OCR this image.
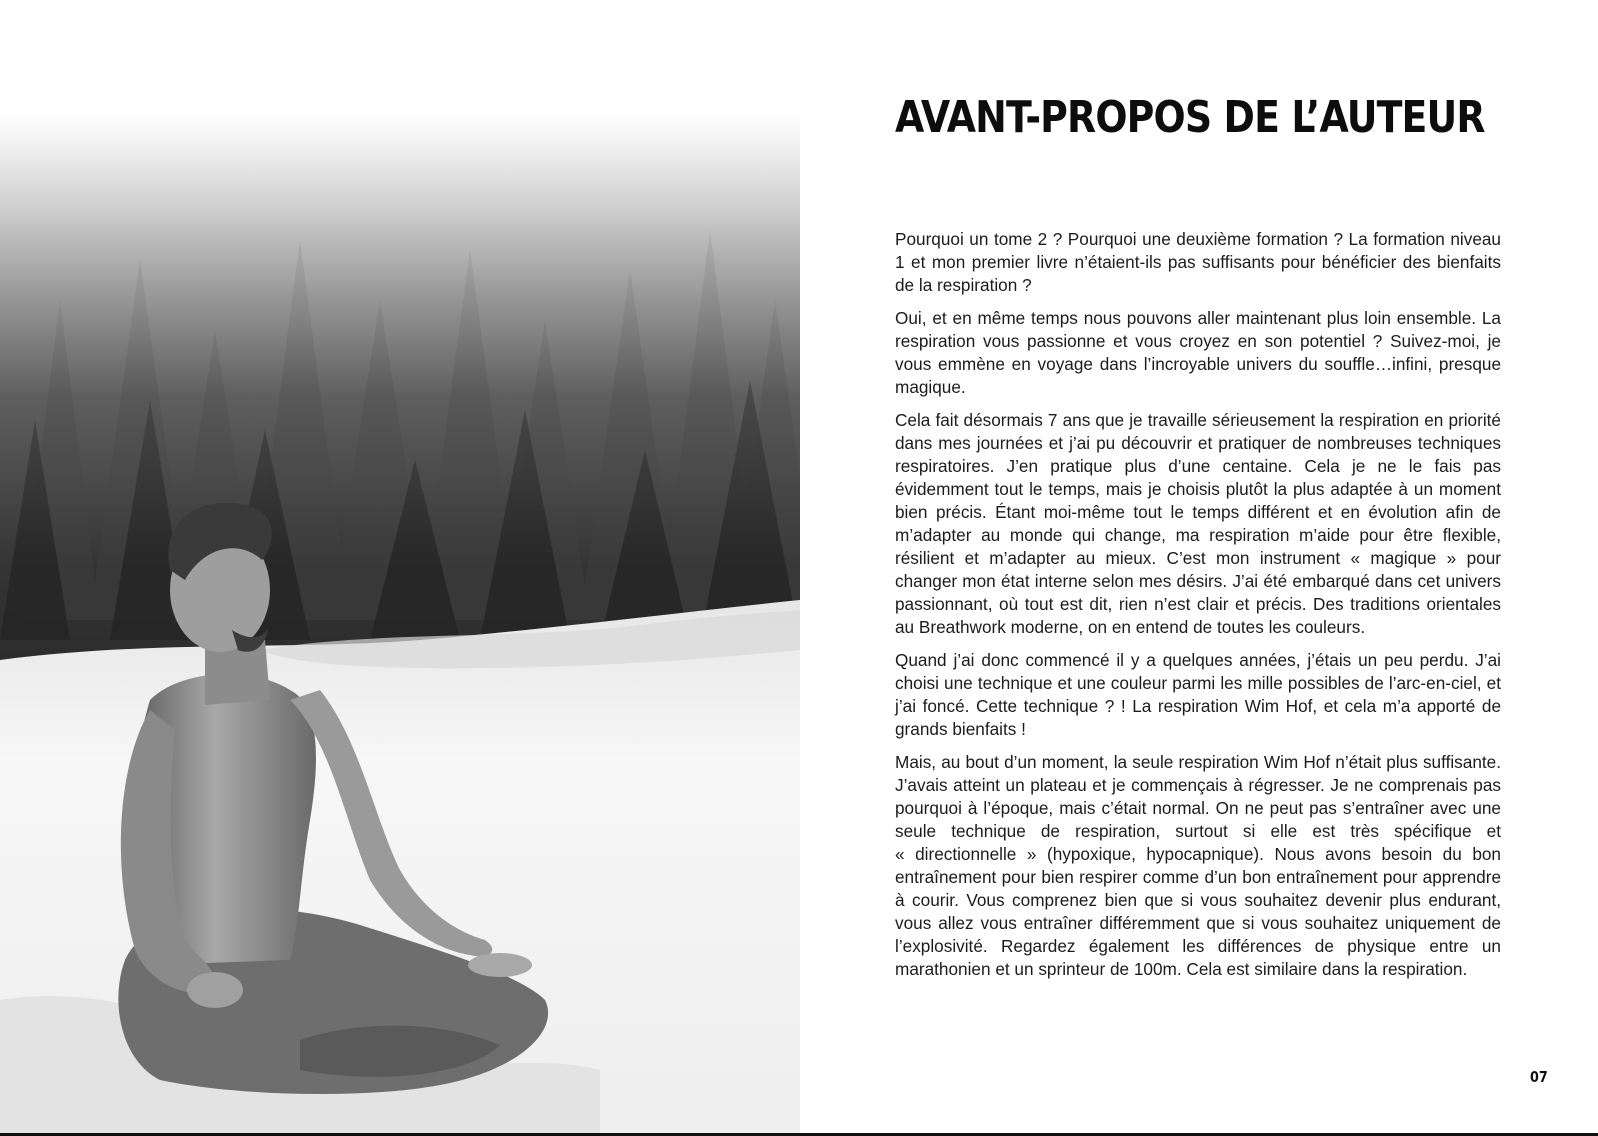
AVANT-PROPOS DE L’AUTEUR

Pourquoi un tome 2 ? Pourquoi une deuxième formation ? La formation niveau 1 et mon premier livre n’étaient-ils pas suffisants pour bénéficier des bienfaits de la respiration ?

Oui, et en même temps nous pouvons aller maintenant plus loin ensemble. La respiration vous passionne et vous croyez en son potentiel ? Suivez-moi, je vous emmène en voyage dans l’incroyable univers du souffle…infini, presque magique.

Cela fait désormais 7 ans que je travaille sérieusement la respiration en priorité dans mes journées et j’ai pu découvrir et pratiquer de nombreuses techniques respiratoires. J’en pratique plus d’une centaine. Cela je ne le fais pas évidemment tout le temps, mais je choisis plutôt la plus adaptée à un moment bien précis. Étant moi-même tout le temps différent et en évolution afin de m’adapter au monde qui change, ma respiration m’aide pour être flexible, résilient et m’adapter au mieux. C’est mon instrument « magique » pour changer mon état interne selon mes désirs. J’ai été embarqué dans cet univers passionnant, où tout est dit, rien n’est clair et précis. Des traditions orientales au Breathwork moderne, on en entend de toutes les couleurs.

Quand j’ai donc commencé il y a quelques années, j’étais un peu perdu. J’ai choisi une technique et une couleur parmi les mille possibles de l’arc-en-ciel, et j’ai foncé. Cette technique ? ! La respiration Wim Hof, et cela m’a apporté de grands bienfaits !

Mais, au bout d’un moment, la seule respiration Wim Hof n’était plus suffisante. J’avais atteint un plateau et je commençais à régresser. Je ne comprenais pas pourquoi à l’époque, mais c’était normal. On ne peut pas s’entraîner avec une seule technique de respiration, surtout si elle est très spécifique et « directionnelle » (hypoxique, hypocapnique). Nous avons besoin du bon entraînement pour bien respirer comme d’un bon entraînement pour apprendre à courir. Vous comprenez bien que si vous souhaitez devenir plus endurant, vous allez vous entraîner différemment que si vous souhaitez uniquement de l’explosivité. Regardez également les différences de physique entre un marathonien et un sprinteur de 100m. Cela est similaire dans la respiration.

07
